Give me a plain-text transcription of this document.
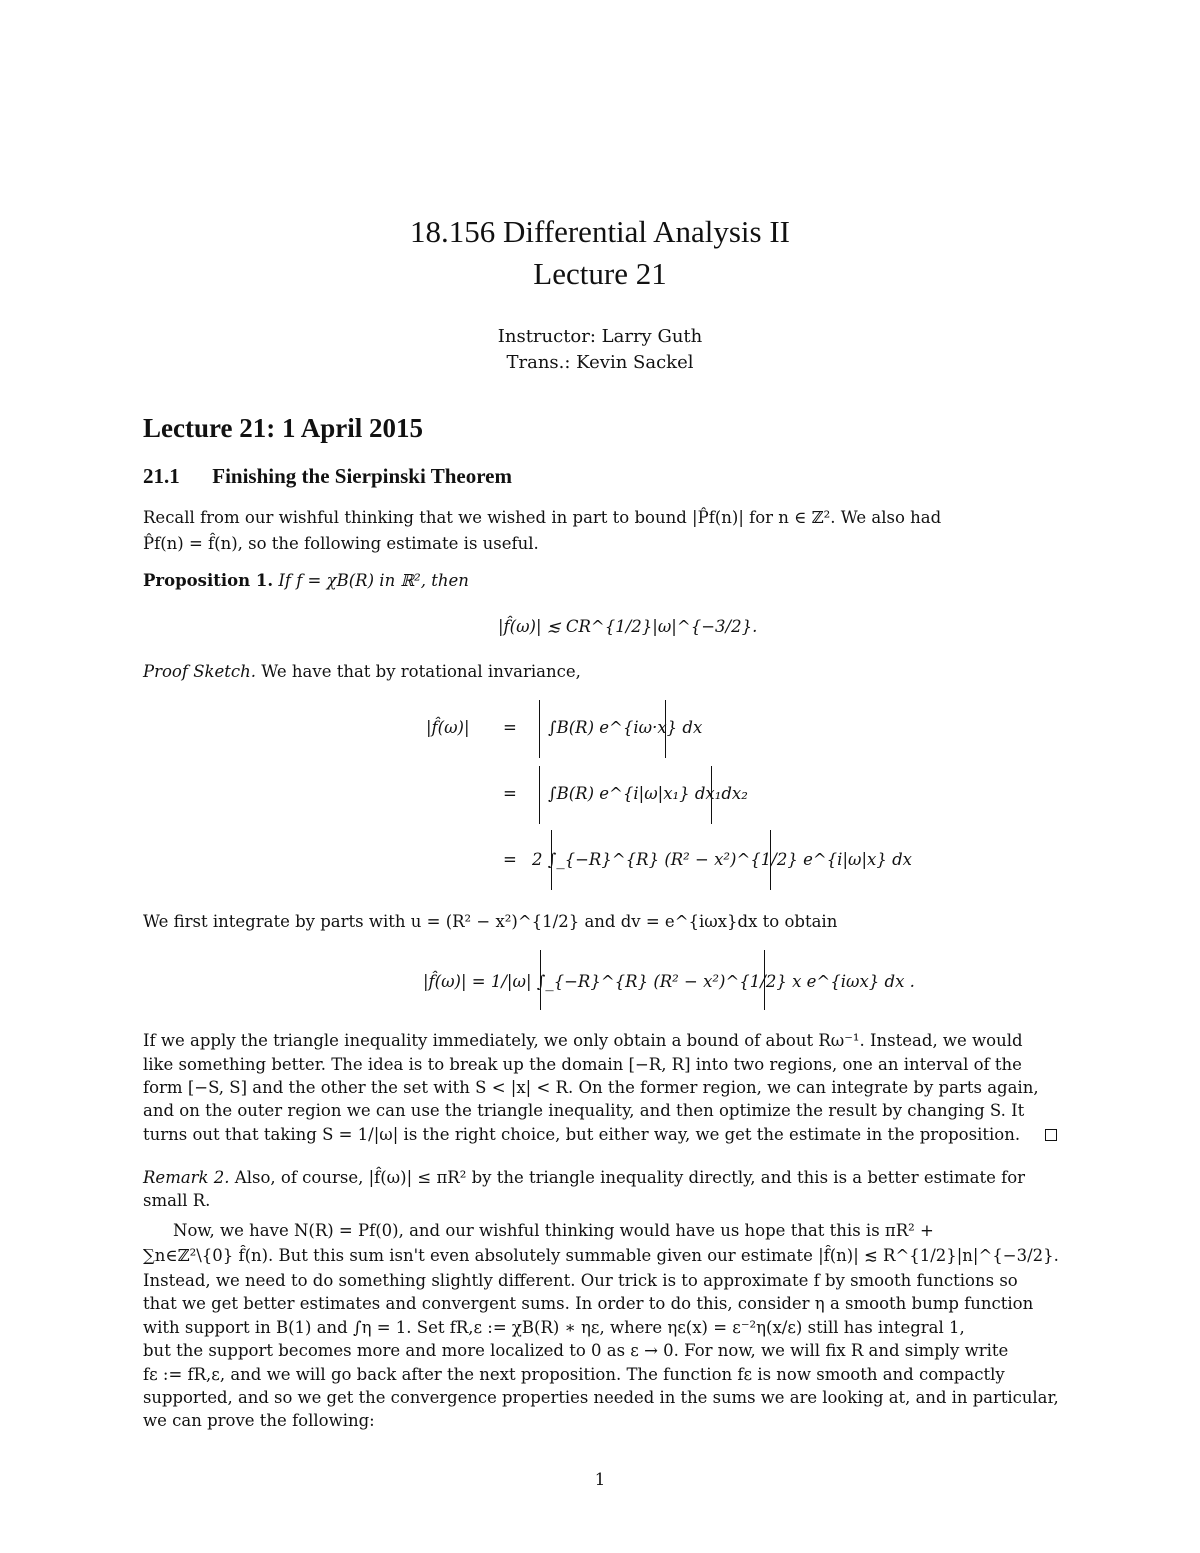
18.156 Differential Analysis II
Lecture 21
Instructor: Larry Guth
Trans.: Kevin Sackel
Lecture 21: 1 April 2015
21.1 Finishing the Sierpinski Theorem
Recall from our wishful thinking that we wished in part to bound |P̂f(n)| for n ∈ ℤ². We also had
P̂f(n) = f̂(n), so the following estimate is useful.
Proposition 1. If f = χB(R) in ℝ², then
|f̂(ω)| ≲ CR^{1/2}|ω|^{−3/2}.
Proof Sketch. We have that by rotational invariance,
|f̂(ω)| = ∫B(R) e^{iω·x} dx
= ∫B(R) e^{i|ω|x₁} dx₁dx₂
= 2 ∫_{−R}^{R} (R² − x²)^{1/2} e^{i|ω|x} dx
We first integrate by parts with u = (R² − x²)^{1/2} and dv = e^{iωx}dx to obtain
|f̂(ω)| = 1/|ω| ∫_{−R}^{R} (R² − x²)^{1/2} x e^{iωx} dx .
If we apply the triangle inequality immediately, we only obtain a bound of about Rω⁻¹. Instead, we would
like something better. The idea is to break up the domain [−R, R] into two regions, one an interval of the
form [−S, S] and the other the set with S < |x| < R. On the former region, we can integrate by parts again,
and on the outer region we can use the triangle inequality, and then optimize the result by changing S. It
turns out that taking S = 1/|ω| is the right choice, but either way, we get the estimate in the proposition.
Remark 2. Also, of course, |f̂(ω)| ≤ πR² by the triangle inequality directly, and this is a better estimate for
small R.
Now, we have N(R) = Pf(0), and our wishful thinking would have us hope that this is πR² +
∑n∈ℤ²\{0} f̂(n). But this sum isn't even absolutely summable given our estimate |f̂(n)| ≲ R^{1/2}|n|^{−3/2}.
Instead, we need to do something slightly different. Our trick is to approximate f by smooth functions so
that we get better estimates and convergent sums. In order to do this, consider η a smooth bump function
with support in B(1) and ∫η = 1. Set fR,ε := χB(R) ∗ ηε, where ηε(x) = ε⁻²η(x/ε) still has integral 1,
but the support becomes more and more localized to 0 as ε → 0. For now, we will fix R and simply write
fε := fR,ε, and we will go back after the next proposition. The function fε is now smooth and compactly
supported, and so we get the convergence properties needed in the sums we are looking at, and in particular,
we can prove the following:
1
